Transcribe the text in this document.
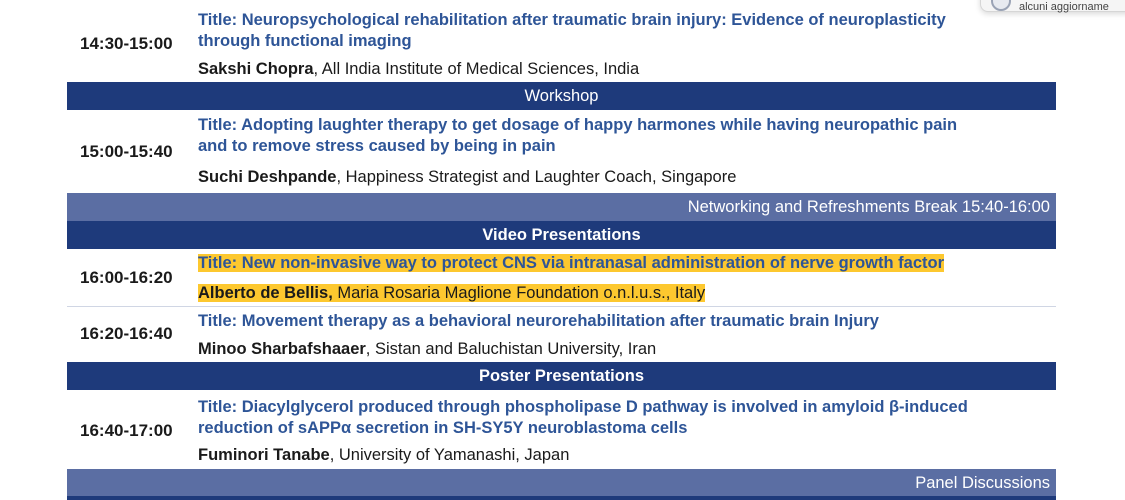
alcuni aggiorname
Title: Neuropsychological rehabilitation after traumatic brain injury: Evidence of neuroplasticity
through functional imaging
14:30-15:00
Sakshi Chopra, All India Institute of Medical Sciences, India
Workshop
Title: Adopting laughter therapy to get dosage of happy harmones while having neuropathic pain
and to remove stress caused by being in pain
15:00-15:40
Suchi Deshpande, Happiness Strategist and Laughter Coach, Singapore
Networking and Refreshments Break 15:40-16:00
Video Presentations
Title: New non-invasive way to protect CNS via intranasal administration of nerve growth factor
16:00-16:20
Alberto de Bellis, Maria Rosaria Maglione Foundation o.n.l.u.s., Italy
Title: Movement therapy as a behavioral neurorehabilitation after traumatic brain Injury
16:20-16:40
Minoo Sharbafshaaer, Sistan and Baluchistan University, Iran
Poster Presentations
Title: Diacylglycerol produced through phospholipase D pathway is involved in amyloid β-induced
reduction of sAPPα secretion in SH-SY5Y neuroblastoma cells
16:40-17:00
Fuminori Tanabe, University of Yamanashi, Japan
Panel Discussions
